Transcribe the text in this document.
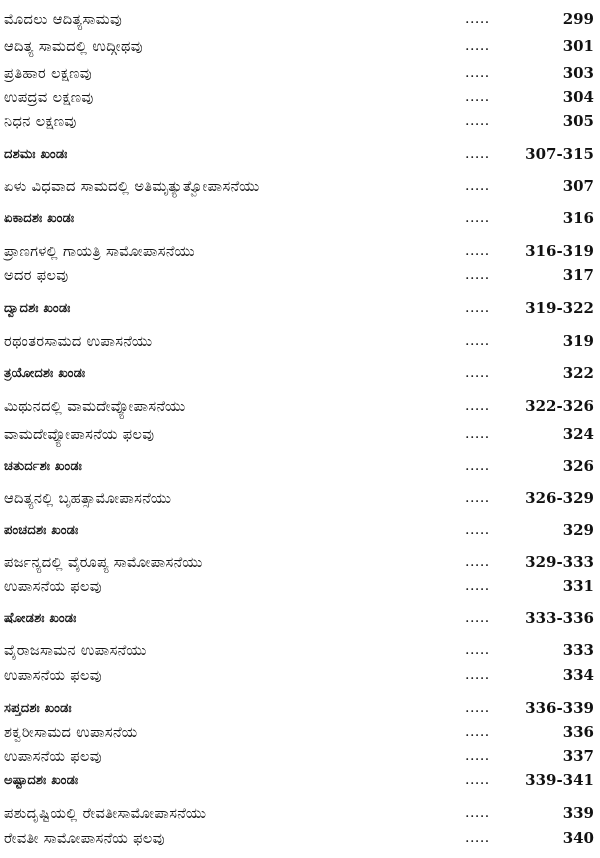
ಮೊದಲು ಆದಿತ್ಯಸಾಮವು	.....	299
ಆದಿತ್ಯ ಸಾಮದಲ್ಲಿ ಉದ್ಗೀಥವು	.....	301
ಪ್ರತಿಹಾರ ಲಕ್ಷಣವು	.....	303
ಉಪದ್ರವ ಲಕ್ಷಣವು	.....	304
ನಿಧನ ಲಕ್ಷಣವು	.....	305
ದಶಮಃ ಖಂಡಃ	..... 307-315
ಏಳು ವಿಧವಾದ ಸಾಮದಲ್ಲಿ ಅತಿಮೃತ್ಯುತ್ವೋಪಾಸನೆಯು	.....	307
ಏಕಾದಶಃ ಖಂಡಃ	.....	316
ಪ್ರಾಣಗಳಲ್ಲಿ ಗಾಯತ್ರಿ ಸಾಮೋಪಾಸನೆಯು	..... 316-319
ಅದರ ಫಲವು	.....	317
ದ್ವಾದಶಃ ಖಂಡಃ	..... 319-322
ರಥಂತರಸಾಮದ ಉಪಾಸನೆಯು	.....	319
ತ್ರಯೋದಶಃ ಖಂಡಃ	.....	322
ಮಿಥುನದಲ್ಲಿ ವಾಮದೇವ್ಯೋಪಾಸನೆಯು	..... 322-326
ವಾಮದೇವ್ಯೋಪಾಸನೆಯ ಫಲವು	.....	324
ಚತುರ್ದಶಃ ಖಂಡಃ	.....	326
ಆದಿತ್ಯನಲ್ಲಿ ಬೃಹತ್ಸಾಮೋಪಾಸನೆಯು	..... 326-329
ಪಂಚದಶಃ ಖಂಡಃ	.....	329
ಪರ್ಜನ್ಯದಲ್ಲಿ ವೈರೂಪ್ಯ ಸಾಮೋಪಾಸನೆಯು	..... 329-333
ಉಪಾಸನೆಯ ಫಲವು	.....	331
ಷೋಡಶಃ ಖಂಡಃ	..... 333-336
ವೈರಾಜಸಾಮನ ಉಪಾಸನೆಯು	.....	333
ಉಪಾಸನೆಯ ಫಲವು	.....	334
ಸಪ್ತದಶಃ ಖಂಡಃ	..... 336-339
ಶಕ್ವರೀಸಾಮದ ಉಪಾಸನೆಯ	.....	336
ಉಪಾಸನೆಯ ಫಲವು	.....	337
ಅಷ್ಟಾದಶಃ ಖಂಡಃ	..... 339-341
ಪಶುದೃಷ್ಟಿಯಲ್ಲಿ ರೇವತೀಸಾಮೋಪಾಸನೆಯು	.....	339
ರೇವತೀ ಸಾಮೋಪಾಸನೆಯ ಫಲವು	.....	340
